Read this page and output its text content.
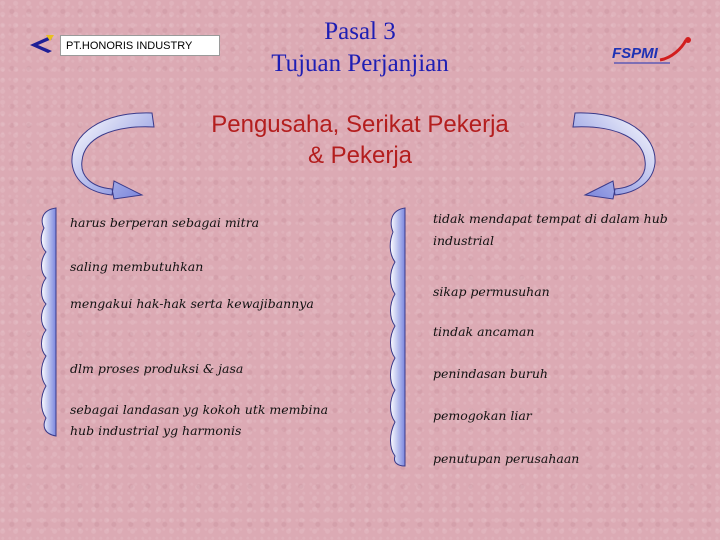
PT.HONORIS INDUSTRY
Pasal 3
Tujuan Perjanjian	FSPMI
Pengusaha, Serikat Pekerja
& Pekerja
harus berperan sebagai mitra
saling membutuhkan
mengakui hak-hak serta kewajibannya
dlm proses produksi & jasa
sebagai landasan yg kokoh utk membina
hub industrial yg harmonis
tidak mendapat tempat di dalam hub
industrial
sikap permusuhan
tindak ancaman
penindasan buruh
pemogokan liar
penutupan perusahaan
